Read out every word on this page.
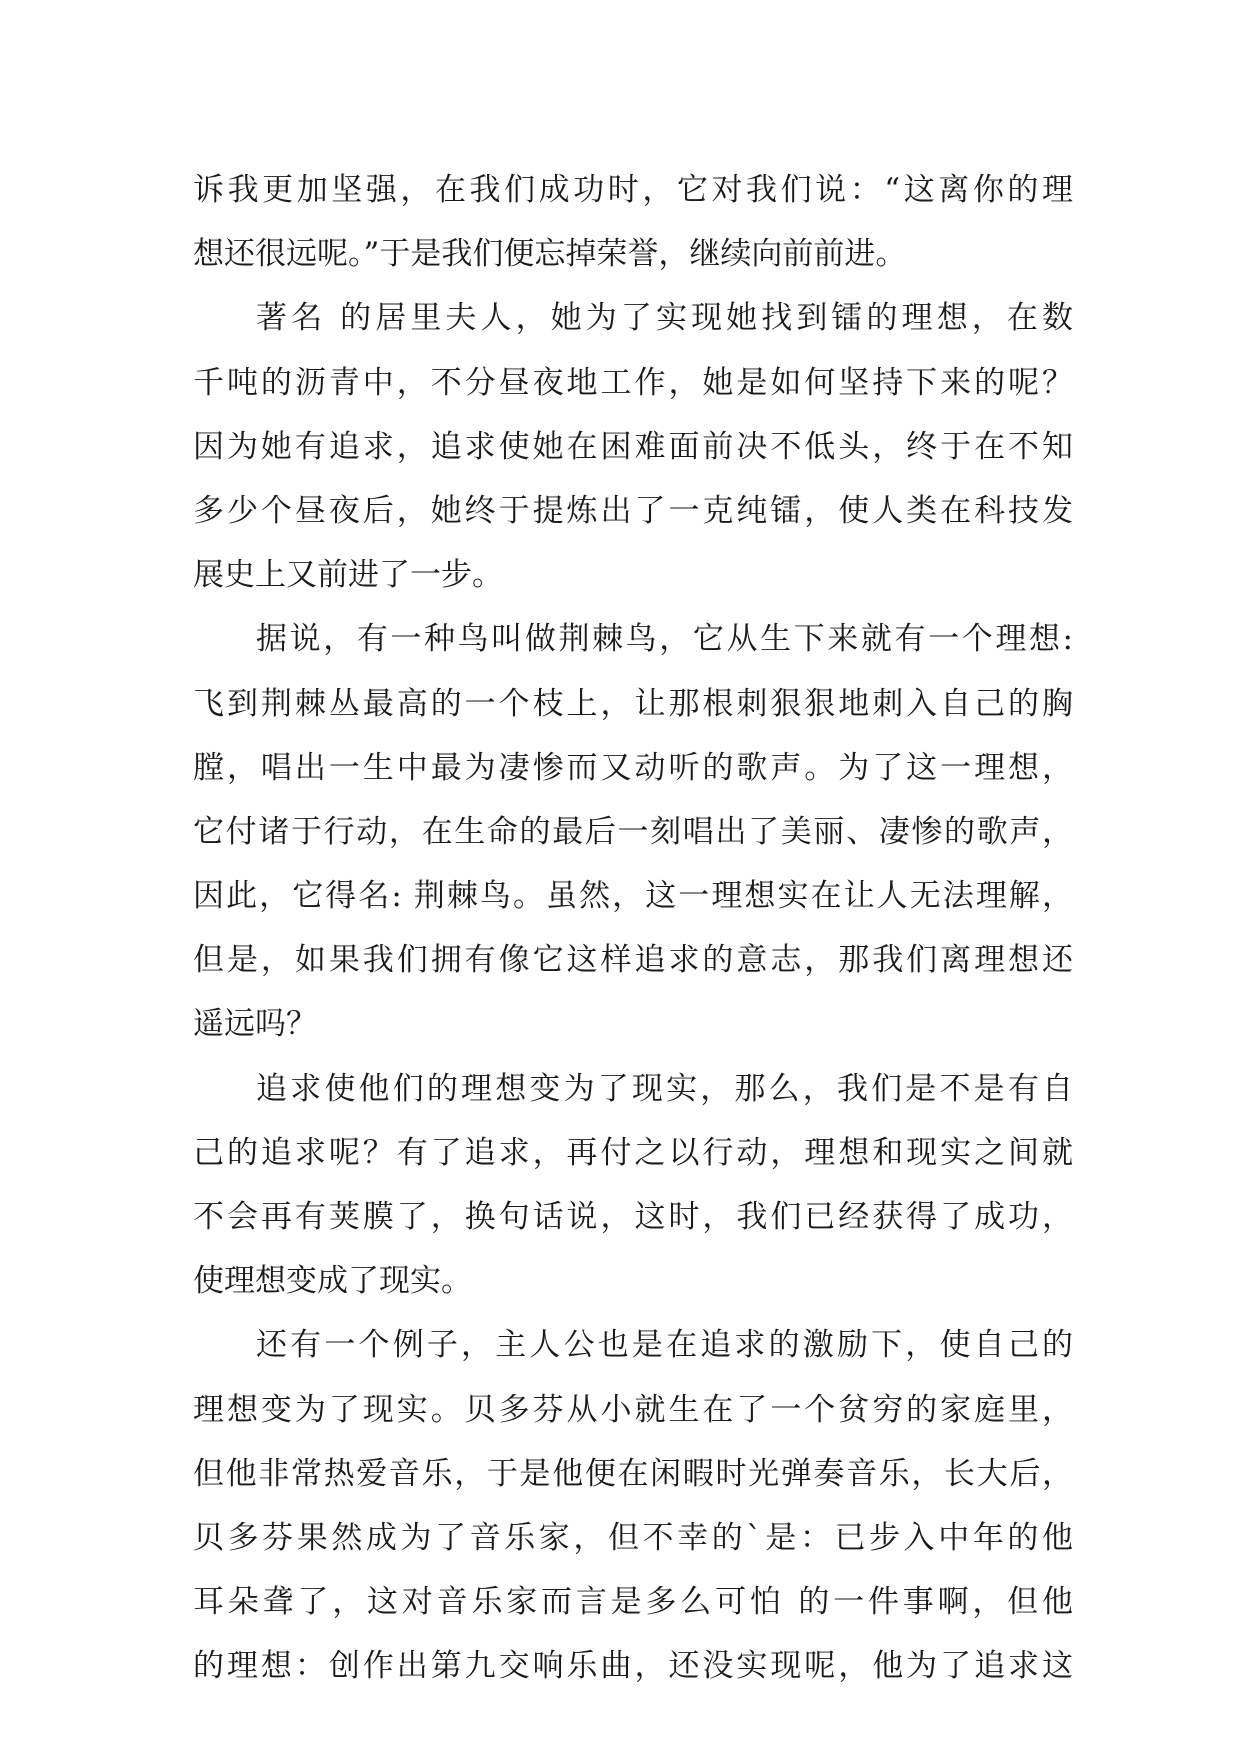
诉我更加坚强，在我们成功时，它对我们说：“这离你的理
想还很远呢。”于是我们便忘掉荣誉，继续向前前进。
著名 的居里夫人，她为了实现她找到镭的理想，在数
千吨的沥青中，不分昼夜地工作，她是如何坚持下来的呢？
因为她有追求，追求使她在困难面前决不低头，终于在不知
多少个昼夜后，她终于提炼出了一克纯镭，使人类在科技发
展史上又前进了一步。
据说，有一种鸟叫做荆棘鸟，它从生下来就有一个理想:
飞到荆棘丛最高的一个枝上，让那根刺狠狠地刺入自己的胸
膛，唱出一生中最为凄惨而又动听的歌声。为了这一理想，
它付诸于行动，在生命的最后一刻唱出了美丽、凄惨的歌声，
因此，它得名: 荆棘鸟。虽然，这一理想实在让人无法理解，
但是，如果我们拥有像它这样追求的意志，那我们离理想还
遥远吗？
追求使他们的理想变为了现实，那么，我们是不是有自
己的追求呢？有了追求，再付之以行动，理想和现实之间就
不会再有荚膜了，换句话说，这时，我们已经获得了成功，
使理想变成了现实。
还有一个例子，主人公也是在追求的激励下，使自己的
理想变为了现实。贝多芬从小就生在了一个贫穷的家庭里，
但他非常热爱音乐，于是他便在闲暇时光弹奏音乐，长大后，
贝多芬果然成为了音乐家，但不幸的`是：已步入中年的他
耳朵聋了，这对音乐家而言是多么可怕 的一件事啊，但他
的理想：创作出第九交响乐曲，还没实现呢，他为了追求这
